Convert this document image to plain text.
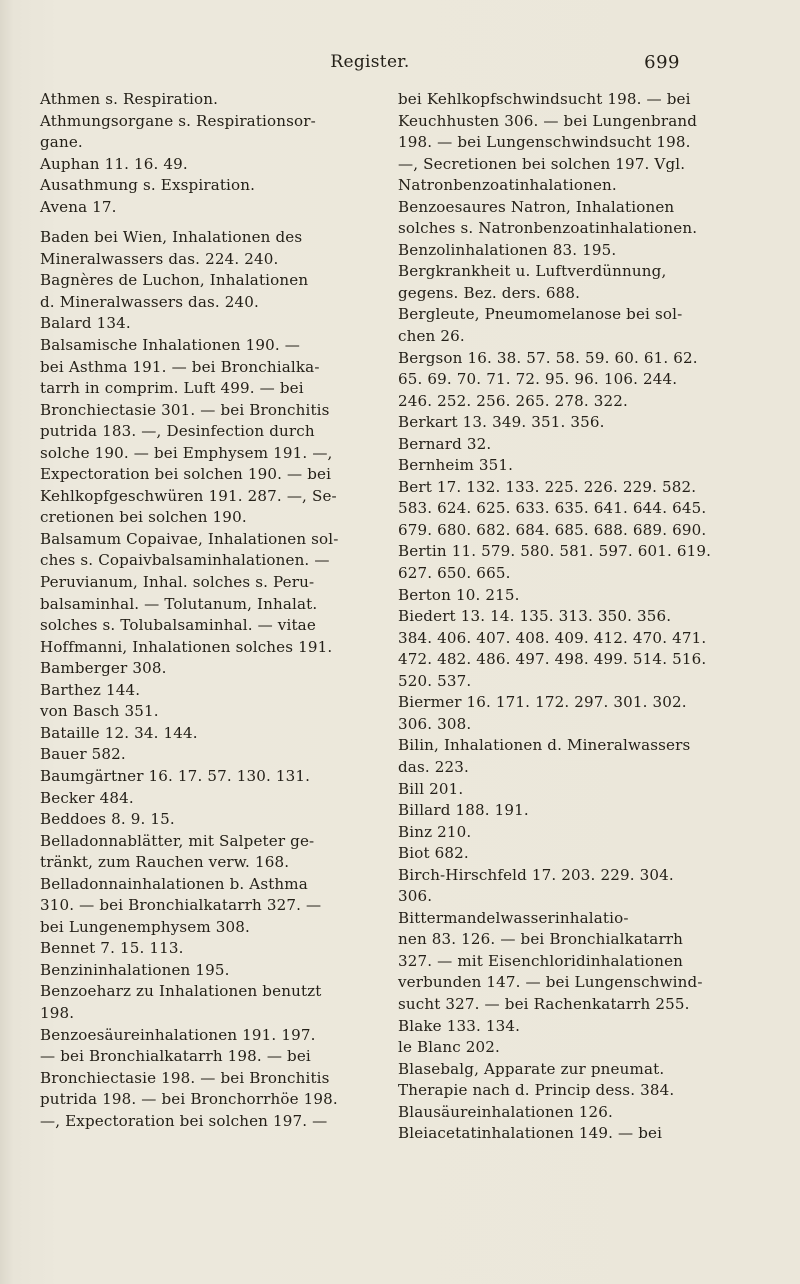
Register.	699
Athmen s. Respiration.
Athmungsorgane s. Respirationsor-
gane.
Auphan 11. 16. 49.
Ausathmung s. Exspiration.
Avena 17.
Baden bei Wien, Inhalationen des
Mineralwassers das. 224. 240.
Bagnères de Luchon, Inhalationen
d. Mineralwassers das. 240.
Balard 134.
Balsamische Inhalationen 190. —
bei Asthma 191. — bei Bronchialka-
tarrh in comprim. Luft 499. — bei
Bronchiectasie 301. — bei Bronchitis
putrida 183. —, Desinfection durch
solche 190. — bei Emphysem 191. —,
Expectoration bei solchen 190. — bei
Kehlkopfgeschwüren 191. 287. —, Se-
cretionen bei solchen 190.
Balsamum Copaivae, Inhalationen sol-
ches s. Copaivbalsaminhalationen. —
Peruvianum, Inhal. solches s. Peru-
balsaminhal. — Tolutanum, Inhalat.
solches s. Tolubalsaminhal. — vitae
Hoffmanni, Inhalationen solches 191.
Bamberger 308.
Barthez 144.
von Basch 351.
Bataille 12. 34. 144.
Bauer 582.
Baumgärtner 16. 17. 57. 130. 131.
Becker 484.
Beddoes 8. 9. 15.
Belladonnablätter, mit Salpeter ge-
tränkt, zum Rauchen verw. 168.
Belladonnainhalationen b. Asthma
310. — bei Bronchialkatarrh 327. —
bei Lungenemphysem 308.
Bennet 7. 15. 113.
Benzininhalationen 195.
Benzoeharz zu Inhalationen benutzt
198.
Benzoesäureinhalationen 191. 197.
— bei Bronchialkatarrh 198. — bei
Bronchiectasie 198. — bei Bronchitis
putrida 198. — bei Bronchorrhöe 198.
—, Expectoration bei solchen 197. —
bei Kehlkopfschwindsucht 198. — bei
Keuchhusten 306. — bei Lungenbrand
198. — bei Lungenschwindsucht 198.
—, Secretionen bei solchen 197. Vgl.
Natronbenzoatinhalationen.
Benzoesaures Natron, Inhalationen
solches s. Natronbenzoatinhalationen.
Benzolinhalationen 83. 195.
Bergkrankheit u. Luftverdünnung,
gegens. Bez. ders. 688.
Bergleute, Pneumomelanose bei sol-
chen 26.
Bergson 16. 38. 57. 58. 59. 60. 61. 62.
65. 69. 70. 71. 72. 95. 96. 106. 244.
246. 252. 256. 265. 278. 322.
Berkart 13. 349. 351. 356.
Bernard 32.
Bernheim 351.
Bert 17. 132. 133. 225. 226. 229. 582.
583. 624. 625. 633. 635. 641. 644. 645.
679. 680. 682. 684. 685. 688. 689. 690.
Bertin 11. 579. 580. 581. 597. 601. 619.
627. 650. 665.
Berton 10. 215.
Biedert 13. 14. 135. 313. 350. 356.
384. 406. 407. 408. 409. 412. 470. 471.
472. 482. 486. 497. 498. 499. 514. 516.
520. 537.
Biermer 16. 171. 172. 297. 301. 302.
306. 308.
Bilin, Inhalationen d. Mineralwassers
das. 223.
Bill 201.
Billard 188. 191.
Binz 210.
Biot 682.
Birch-Hirschfeld 17. 203. 229. 304.
306.
Bittermandelwasserinhalatio-
nen 83. 126. — bei Bronchialkatarrh
327. — mit Eisenchloridinhalationen
verbunden 147. — bei Lungenschwind-
sucht 327. — bei Rachenkatarrh 255.
Blake 133. 134.
le Blanc 202.
Blasebalg, Apparate zur pneumat.
Therapie nach d. Princip dess. 384.
Blausäureinhalationen 126.
Bleiacetatinhalationen 149. — bei
